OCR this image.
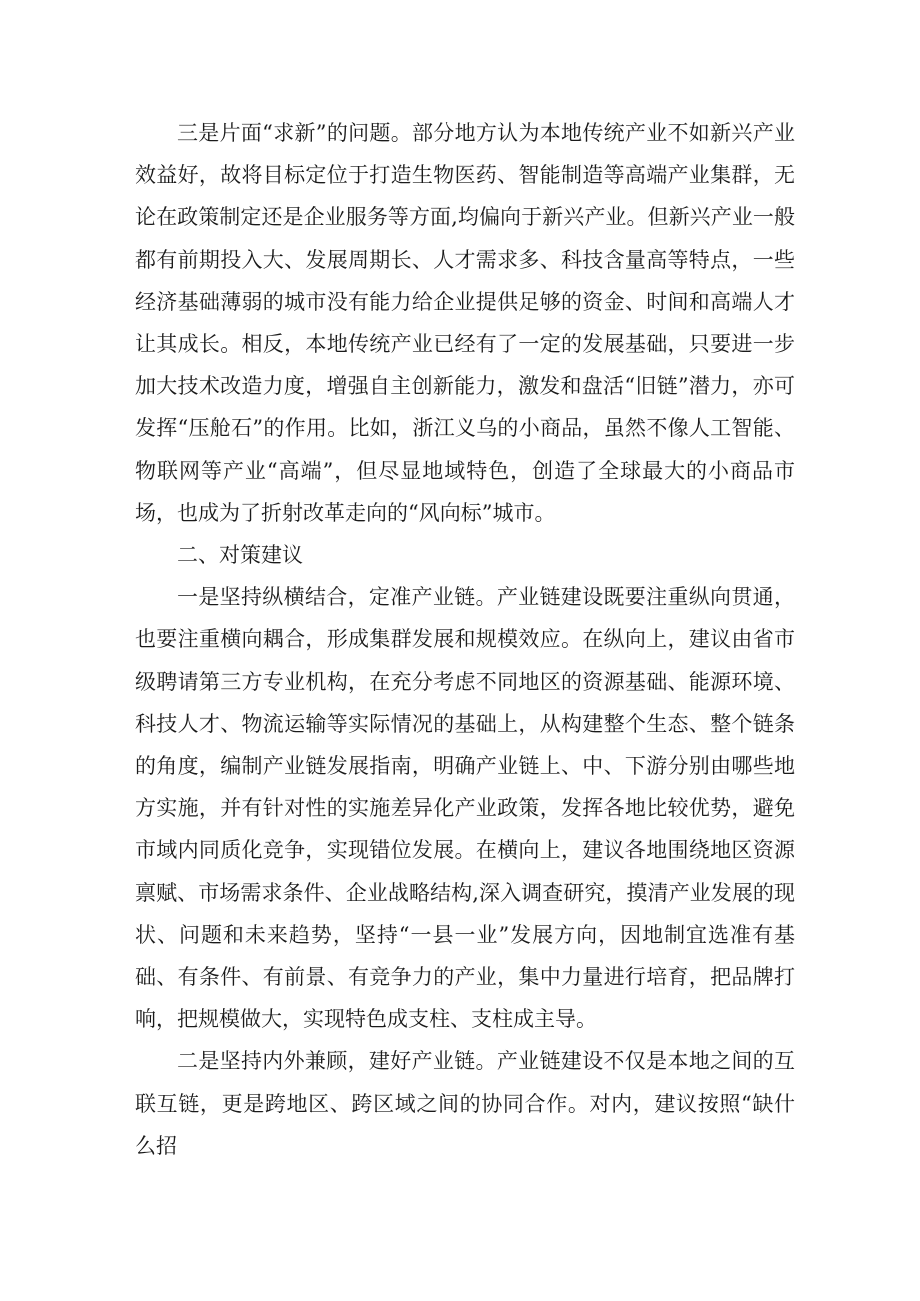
三是片面“求新”的问题。部分地方认为本地传统产业不如新兴产业效益好，故将目标定位于打造生物医药、智能制造等高端产业集群，无论在政策制定还是企业服务等方面,均偏向于新兴产业。但新兴产业一般都有前期投入大、发展周期长、人才需求多、科技含量高等特点，一些经济基础薄弱的城市没有能力给企业提供足够的资金、时间和高端人才让其成长。相反，本地传统产业已经有了一定的发展基础，只要进一步加大技术改造力度，增强自主创新能力，激发和盘活“旧链”潜力，亦可发挥“压舱石”的作用。比如，浙江义乌的小商品，虽然不像人工智能、物联网等产业“高端”，但尽显地域特色，创造了全球最大的小商品市场，也成为了折射改革走向的“风向标”城市。

二、对策建议

一是坚持纵横结合，定准产业链。产业链建设既要注重纵向贯通，也要注重横向耦合，形成集群发展和规模效应。在纵向上，建议由省市级聘请第三方专业机构，在充分考虑不同地区的资源基础、能源环境、科技人才、物流运输等实际情况的基础上，从构建整个生态、整个链条的角度，编制产业链发展指南，明确产业链上、中、下游分别由哪些地方实施，并有针对性的实施差异化产业政策，发挥各地比较优势，避免市域内同质化竞争，实现错位发展。在横向上，建议各地围绕地区资源禀赋、市场需求条件、企业战略结构,深入调查研究，摸清产业发展的现状、问题和未来趋势，坚持“一县一业”发展方向，因地制宜选准有基础、有条件、有前景、有竞争力的产业，集中力量进行培育，把品牌打响，把规模做大，实现特色成支柱、支柱成主导。

二是坚持内外兼顾，建好产业链。产业链建设不仅是本地之间的互联互链，更是跨地区、跨区域之间的协同合作。对内，建议按照“缺什么招
